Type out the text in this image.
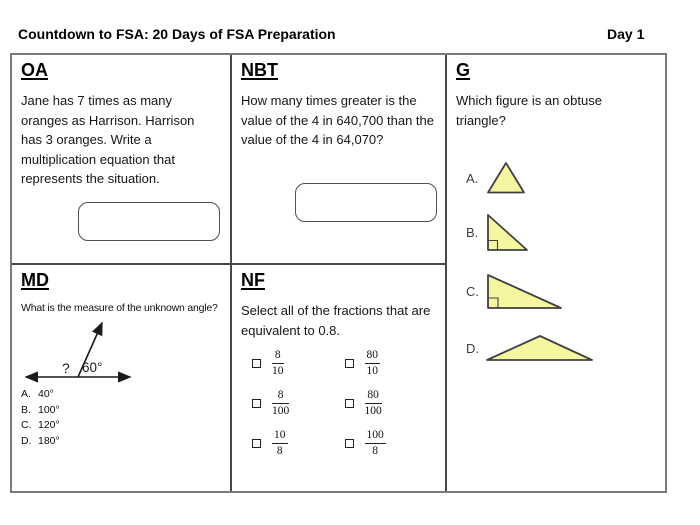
Countdown to FSA: 20 Days of FSA Preparation	Day 1
OA

Jane has 7 times as many oranges as Harrison. Harrison has 3 oranges. Write a multiplication equation that represents the situation.

NBT

How many times greater is the value of the 4 in 640,700 than the value of the 4 in 64,070?

G

Which figure is an obtuse triangle?

A.
B.
C.
D.
MD

What is the measure of the unknown angle?

? 60°
A. 40°
B. 100°
C. 120°
D. 180°
NF

Select all of the fractions that are equivalent to 0.8.

$\frac{8}{10}$	$\frac{80}{10}$
$\frac{8}{100}$	$\frac{80}{100}$
$\frac{10}{8}$	$\frac{100}{8}$
